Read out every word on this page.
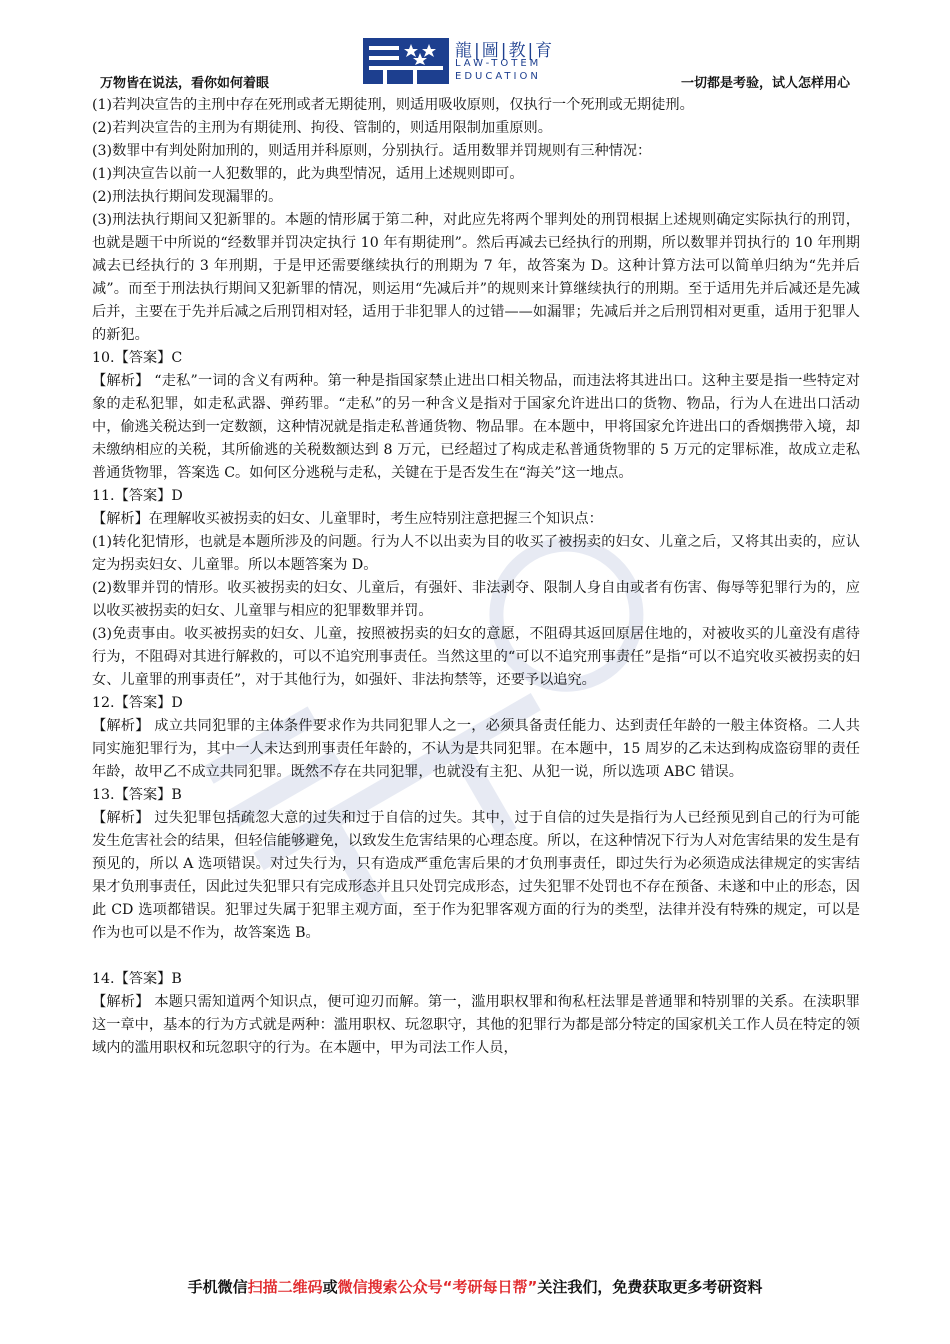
万物皆在说法，看你如何着眼
龍|圖|教|育
LAW-TOTEM
EDUCATION	一切都是考验，试人怎样用心

(1)若判决宣告的主刑中存在死刑或者无期徒刑，则适用吸收原则，仅执行一个死刑或无期徒刑。

(2)若判决宣告的主刑为有期徒刑、拘役、管制的，则适用限制加重原则。

(3)数罪中有判处附加刑的，则适用并科原则，分别执行。适用数罪并罚规则有三种情况：

(1)判决宣告以前一人犯数罪的，此为典型情况，适用上述规则即可。

(2)刑法执行期间发现漏罪的。

(3)刑法执行期间又犯新罪的。本题的情形属于第二种，对此应先将两个罪判处的刑罚根据上述规则确定实际执行的刑罚，也就是题干中所说的“经数罪并罚决定执行 10 年有期徒刑”。然后再减去已经执行的刑期，所以数罪并罚执行的 10 年刑期减去已经执行的 3 年刑期，于是甲还需要继续执行的刑期为 7 年，故答案为 D。这种计算方法可以简单归纳为“先并后减”。而至于刑法执行期间又犯新罪的情况，则运用“先减后并”的规则来计算继续执行的刑期。至于适用先并后减还是先减后并，主要在于先并后减之后刑罚相对轻，适用于非犯罪人的过错——如漏罪；先减后并之后刑罚相对更重，适用于犯罪人的新犯。

10.【答案】C

【解析】 “走私”一词的含义有两种。第一种是指国家禁止进出口相关物品，而违法将其进出口。这种主要是指一些特定对象的走私犯罪，如走私武器、弹药罪。“走私”的另一种含义是指对于国家允许进出口的货物、物品，行为人在进出口活动中，偷逃关税达到一定数额，这种情况就是指走私普通货物、物品罪。在本题中，甲将国家允许进出口的香烟携带入境，却未缴纳相应的关税，其所偷逃的关税数额达到 8 万元，已经超过了构成走私普通货物罪的 5 万元的定罪标准，故成立走私普通货物罪，答案选 C。如何区分逃税与走私，关键在于是否发生在“海关”这一地点。

11.【答案】D

【解析】在理解收买被拐卖的妇女、儿童罪时，考生应特别注意把握三个知识点：

(1)转化犯情形，也就是本题所涉及的问题。行为人不以出卖为目的收买了被拐卖的妇女、儿童之后，又将其出卖的，应认定为拐卖妇女、儿童罪。所以本题答案为 D。

(2)数罪并罚的情形。收买被拐卖的妇女、儿童后，有强奸、非法剥夺、限制人身自由或者有伤害、侮辱等犯罪行为的，应以收买被拐卖的妇女、儿童罪与相应的犯罪数罪并罚。

(3)免责事由。收买被拐卖的妇女、儿童，按照被拐卖的妇女的意愿，不阻碍其返回原居住地的，对被收买的儿童没有虐待行为，不阻碍对其进行解救的，可以不追究刑事责任。当然这里的“可以不追究刑事责任”是指“可以不追究收买被拐卖的妇女、儿童罪的刑事责任”，对于其他行为，如强奸、非法拘禁等，还要予以追究。

12.【答案】D

【解析】 成立共同犯罪的主体条件要求作为共同犯罪人之一，必须具备责任能力、达到责任年龄的一般主体资格。二人共同实施犯罪行为，其中一人未达到刑事责任年龄的，不认为是共同犯罪。在本题中，15 周岁的乙未达到构成盗窃罪的责任年龄，故甲乙不成立共同犯罪。既然不存在共同犯罪，也就没有主犯、从犯一说，所以选项 ABC 错误。

13.【答案】B

【解析】 过失犯罪包括疏忽大意的过失和过于自信的过失。其中，过于自信的过失是指行为人已经预见到自己的行为可能发生危害社会的结果，但轻信能够避免，以致发生危害结果的心理态度。所以，在这种情况下行为人对危害结果的发生是有预见的，所以 A 选项错误。对过失行为，只有造成严重危害后果的才负刑事责任，即过失行为必须造成法律规定的实害结果才负刑事责任，因此过失犯罪只有完成形态并且只处罚完成形态，过失犯罪不处罚也不存在预备、未遂和中止的形态，因此 CD 选项都错误。犯罪过失属于犯罪主观方面，至于作为犯罪客观方面的行为的类型，法律并没有特殊的规定，可以是作为也可以是不作为，故答案选 B。

14.【答案】B

【解析】 本题只需知道两个知识点，便可迎刃而解。第一，滥用职权罪和徇私枉法罪是普通罪和特别罪的关系。在渎职罪这一章中，基本的行为方式就是两种：滥用职权、玩忽职守，其他的犯罪行为都是部分特定的国家机关工作人员在特定的领域内的滥用职权和玩忽职守的行为。在本题中，甲为司法工作人员，

手机微信扫描二维码或微信搜索公众号“考研每日帮”关注我们，免费获取更多考研资料
